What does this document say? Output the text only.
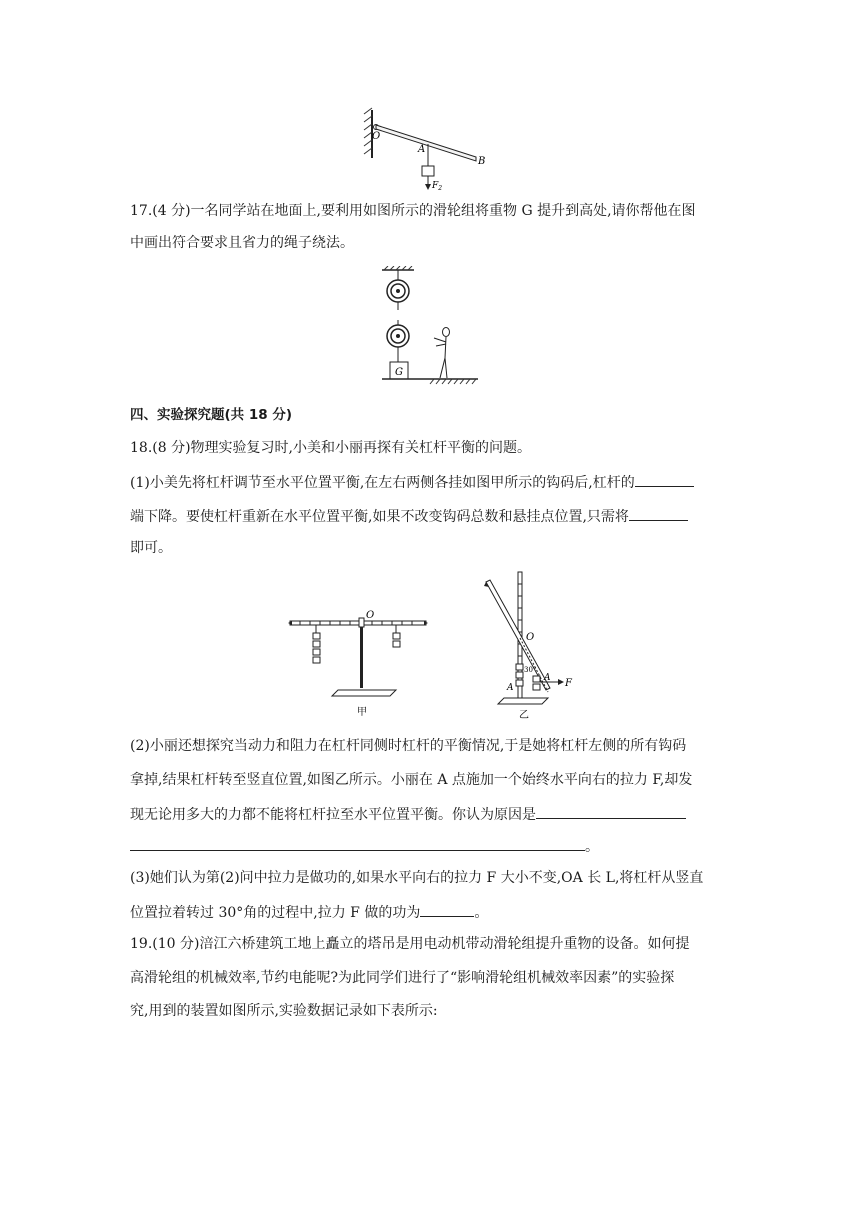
O
A
B
$F_2$
17.(4 分)一名同学站在地面上,要利用如图所示的滑轮组将重物 G 提升到高处,请你帮他在图
中画出符合要求且省力的绳子绕法。
G
四、实验探究题(共 18 分)
18.(8 分)物理实验复习时,小美和小丽再探有关杠杆平衡的问题。
(1)小美先将杠杆调节至水平位置平衡,在左右两侧各挂如图甲所示的钩码后,杠杆的
端下降。要使杠杆重新在水平位置平衡,如果不改变钩码总数和悬挂点位置,只需将
即可。
O
甲
O
30°
A
A	F
乙
(2)小丽还想探究当动力和阻力在杠杆同侧时杠杆的平衡情况,于是她将杠杆左侧的所有钩码
拿掉,结果杠杆转至竖直位置,如图乙所示。小丽在 A 点施加一个始终水平向右的拉力 F,却发
现无论用多大的力都不能将杠杆拉至水平位置平衡。你认为原因是
。
(3)她们认为第(2)问中拉力是做功的,如果水平向右的拉力 F 大小不变,OA 长 L,将杠杆从竖直
位置拉着转过 30°角的过程中,拉力 F 做的功为	。
19.(10 分)涪江六桥建筑工地上矗立的塔吊是用电动机带动滑轮组提升重物的设备。如何提
高滑轮组的机械效率,节约电能呢?为此同学们进行了“影响滑轮组机械效率因素”的实验探
究,用到的装置如图所示,实验数据记录如下表所示:
